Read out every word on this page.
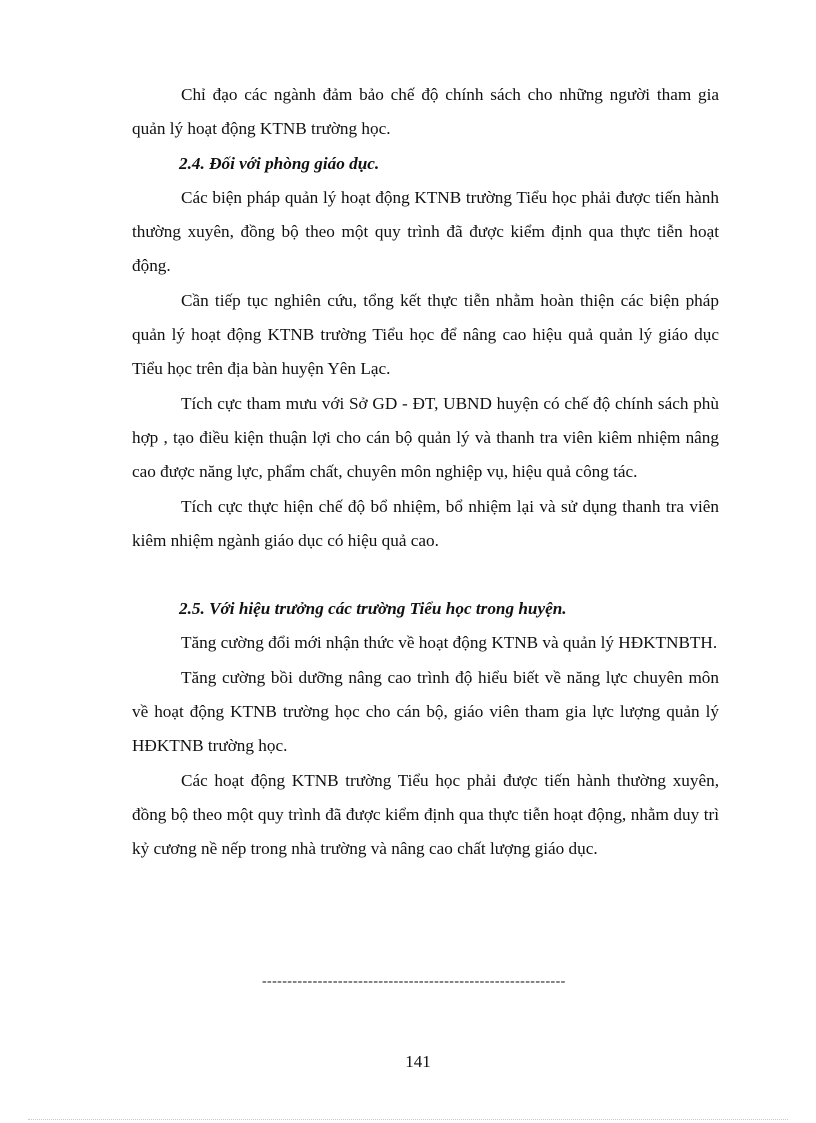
Chỉ đạo các ngành đảm bảo chế độ chính sách cho những người tham gia quản lý hoạt động KTNB trường học.

2.4. Đối với phòng giáo dục.

Các biện pháp quản lý hoạt động KTNB trường Tiểu học phải được tiến hành thường xuyên, đồng bộ theo một quy trình đã được kiểm định qua thực tiễn hoạt động.

Cần tiếp tục nghiên cứu, tổng kết thực tiễn nhằm hoàn thiện các biện pháp quản lý hoạt động KTNB trường Tiểu học để nâng cao hiệu quả quản lý giáo dục Tiểu học trên địa bàn huyện Yên Lạc.

Tích cực tham mưu với Sở GD - ĐT, UBND huyện có chế độ chính sách phù hợp , tạo điều kiện thuận lợi cho cán bộ quản lý và thanh tra viên kiêm nhiệm nâng cao được năng lực, phẩm chất, chuyên môn nghiệp vụ, hiệu quả công tác.

Tích cực thực hiện chế độ bổ nhiệm, bổ nhiệm lại và sử dụng thanh tra viên kiêm nhiệm ngành giáo dục có hiệu quả cao.

2.5. Với hiệu trưởng các trường Tiểu học trong huyện.

Tăng cường đổi mới nhận thức về hoạt động KTNB và quản lý HĐKTNBTH.

Tăng cường bồi dưỡng nâng cao trình độ hiểu biết về năng lực chuyên môn về hoạt động KTNB trường học cho cán bộ, giáo viên tham gia lực lượng quản lý HĐKTNB trường học.

Các hoạt động KTNB trường Tiểu học phải được tiến hành thường xuyên, đồng bộ theo một quy trình đã được kiểm định qua thực tiễn hoạt động, nhằm duy trì kỷ cương nề nếp trong nhà trường và nâng cao chất lượng giáo dục.

------------------------------------------------------------
141
